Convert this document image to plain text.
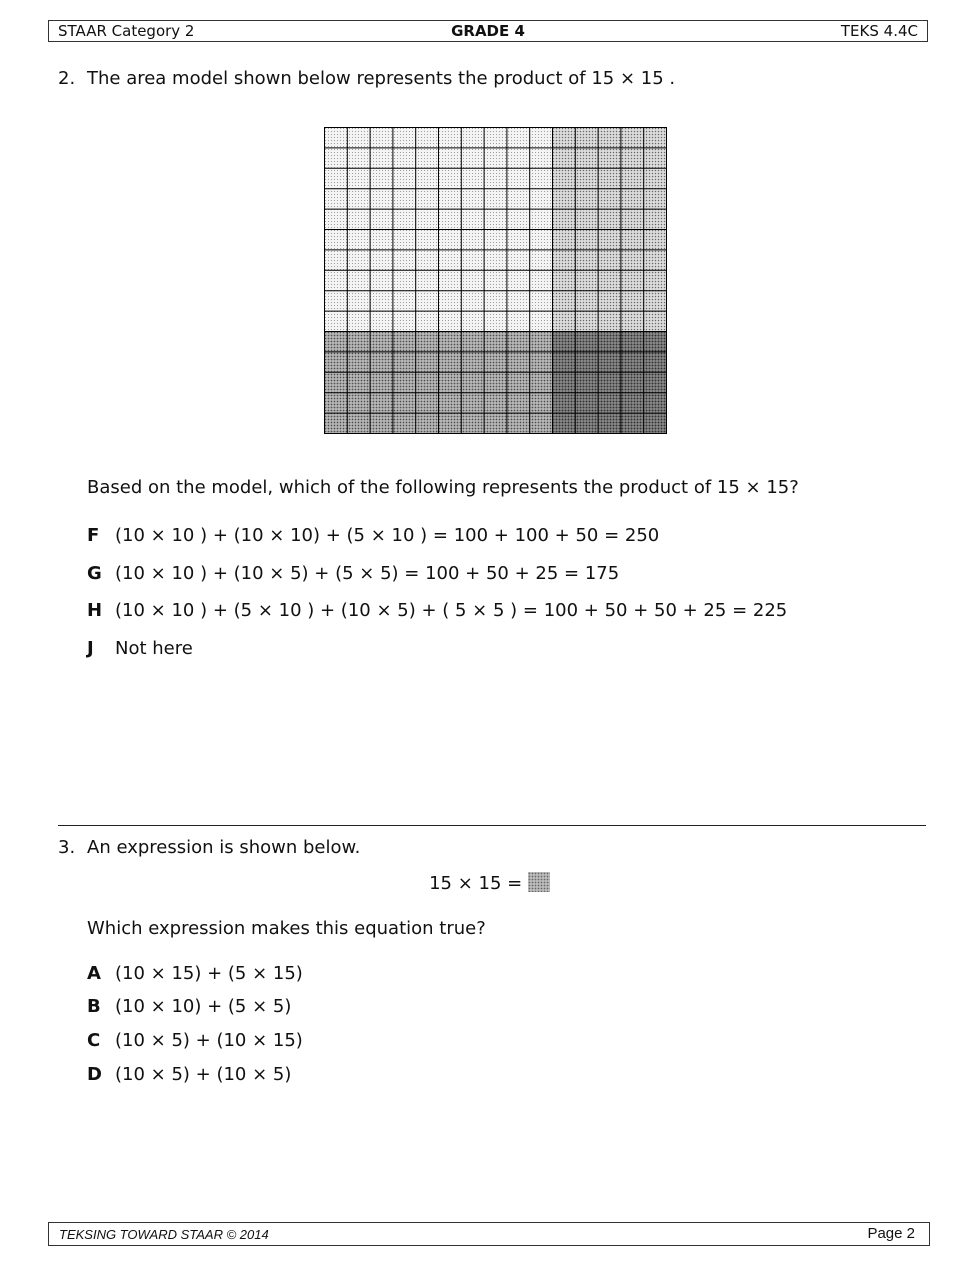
STAAR Category 2	GRADE 4	TEKS 4.4C
2. The area model shown below represents the product of 15 × 15 .
Based on the model, which of the following represents the product of 15 × 15?
F (10 × 10 ) + (10 × 10) + (5 × 10 ) = 100 + 100 + 50 = 250
G (10 × 10 ) + (10 × 5) + (5 × 5) = 100 + 50 + 25 = 175
H (10 × 10 ) + (5 × 10 ) + (10 × 5) + ( 5 × 5 ) = 100 + 50 + 50 + 25 = 225
J Not here
3. An expression is shown below.
15 × 15 =
Which expression makes this equation true?
A (10 × 15) + (5 × 15)
B (10 × 10) + (5 × 5)
C (10 × 5) + (10 × 15)
D (10 × 5) + (10 × 5)
TEKSING TOWARD STAAR © 2014	Page 2
